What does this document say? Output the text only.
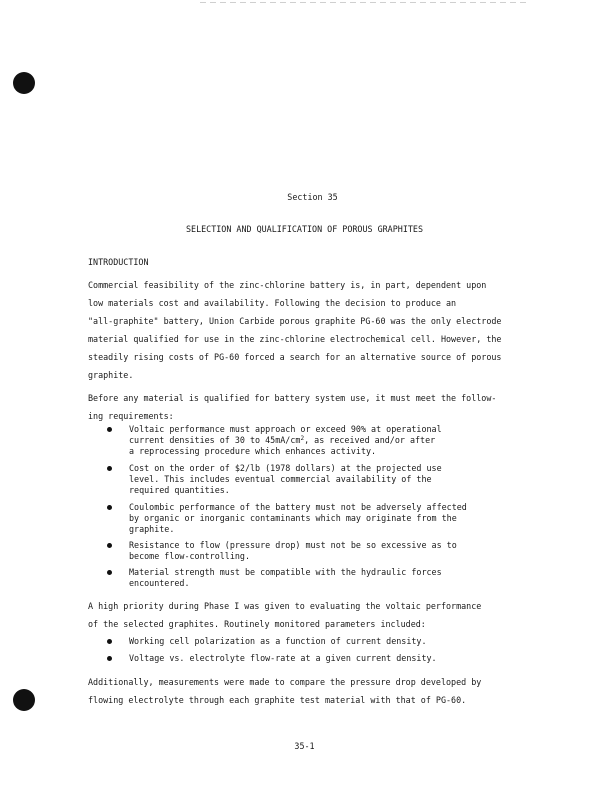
Section 35
SELECTION AND QUALIFICATION OF POROUS GRAPHITES
INTRODUCTION

Commercial feasibility of the zinc-chlorine battery is, in part, dependent upon

low materials cost and availability. Following the decision to produce an

"all-graphite" battery, Union Carbide porous graphite PG-60 was the only electrode

material qualified for use in the zinc-chlorine electrochemical cell. However, the

steadily rising costs of PG-60 forced a search for an alternative source of porous

graphite.

Before any material is qualified for battery system use, it must meet the follow-

ing requirements:

Voltaic performance must approach or exceed 90% at operational

current densities of 30 to $45mA/cm^2$, as received and/or after

a reprocessing procedure which enhances activity.

Cost on the order of $2/lb (1978 dollars) at the projected use

level. This includes eventual commercial availability of the

required quantities.

Coulombic performance of the battery must not be adversely affected

by organic or inorganic contaminants which may originate from the

graphite.

Resistance to flow (pressure drop) must not be so excessive as to

become flow-controlling.

Material strength must be compatible with the hydraulic forces

encountered.

A high priority during Phase I was given to evaluating the voltaic performance

of the selected graphites. Routinely monitored parameters included:

Working cell polarization as a function of current density.

Voltage vs. electrolyte flow-rate at a given current density.

Additionally, measurements were made to compare the pressure drop developed by

flowing electrolyte through each graphite test material with that of PG-60.

35-1
